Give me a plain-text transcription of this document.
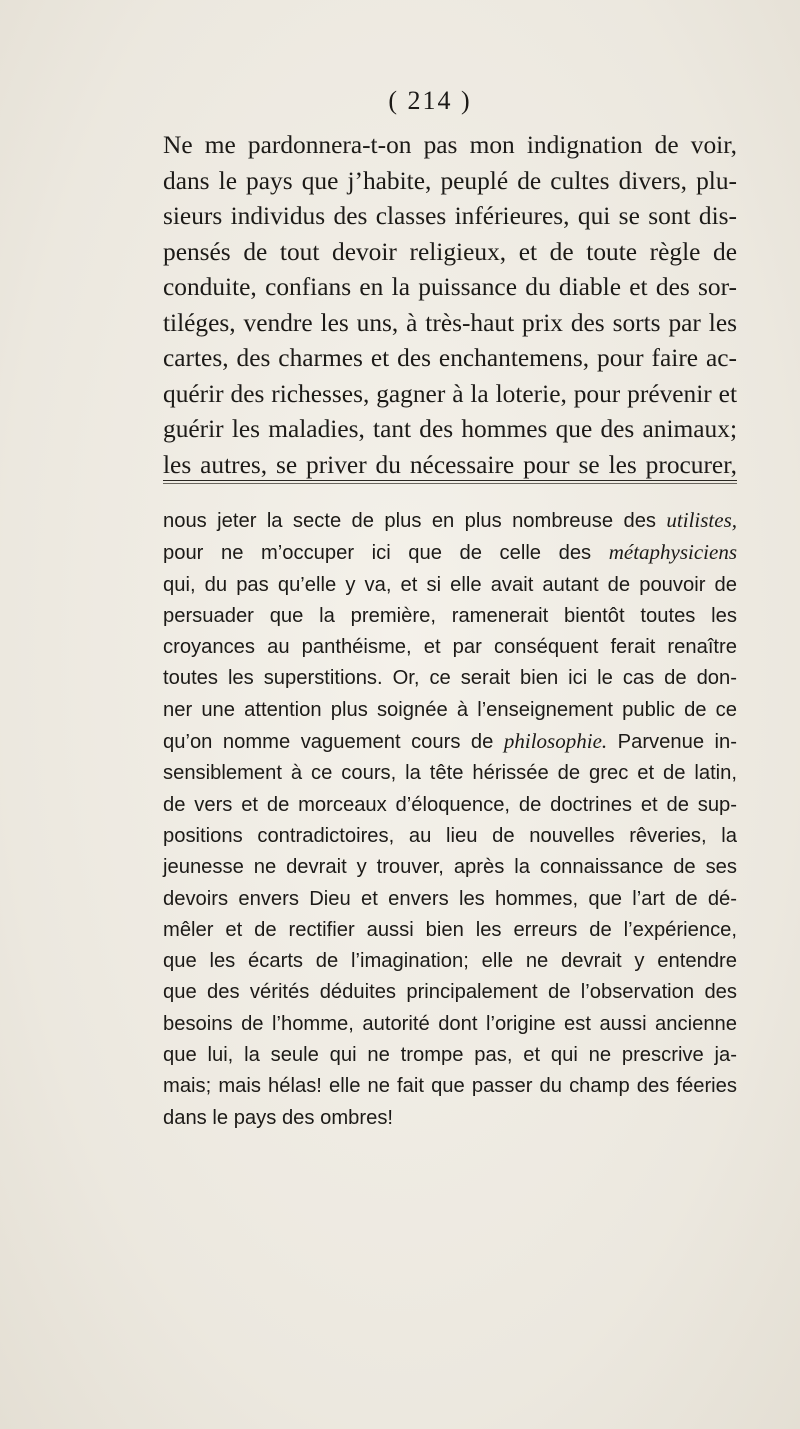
( 214 )
Ne me pardonnera-t-on pas mon indignation de voir,
dans le pays que j’habite, peuplé de cultes divers, plu-
sieurs individus des classes inférieures, qui se sont dis-
pensés de tout devoir religieux, et de toute règle de
conduite, confians en la puissance du diable et des sor-
tiléges, vendre les uns, à très-haut prix des sorts par les
cartes, des charmes et des enchantemens, pour faire ac-
quérir des richesses, gagner à la loterie, pour prévenir et
guérir les maladies, tant des hommes que des animaux;
les autres, se priver du nécessaire pour se les procurer,
nous jeter la secte de plus en plus nombreuse des utilistes,
pour ne m’occuper ici que de celle des métaphysiciens
qui, du pas qu’elle y va, et si elle avait autant de pouvoir de
persuader que la première, ramenerait bientôt toutes les
croyances au panthéisme, et par conséquent ferait renaître
toutes les superstitions. Or, ce serait bien ici le cas de don-
ner une attention plus soignée à l’enseignement public de ce
qu’on nomme vaguement cours de philosophie. Parvenue in-
sensiblement à ce cours, la tête hérissée de grec et de latin,
de vers et de morceaux d’éloquence, de doctrines et de sup-
positions contradictoires, au lieu de nouvelles rêveries, la
jeunesse ne devrait y trouver, après la connaissance de ses
devoirs envers Dieu et envers les hommes, que l’art de dé-
mêler et de rectifier aussi bien les erreurs de l’expérience,
que les écarts de l’imagination; elle ne devrait y entendre
que des vérités déduites principalement de l’observation des
besoins de l’homme, autorité dont l’origine est aussi ancienne
que lui, la seule qui ne trompe pas, et qui ne prescrive ja-
mais; mais hélas! elle ne fait que passer du champ des féeries
dans le pays des ombres!
